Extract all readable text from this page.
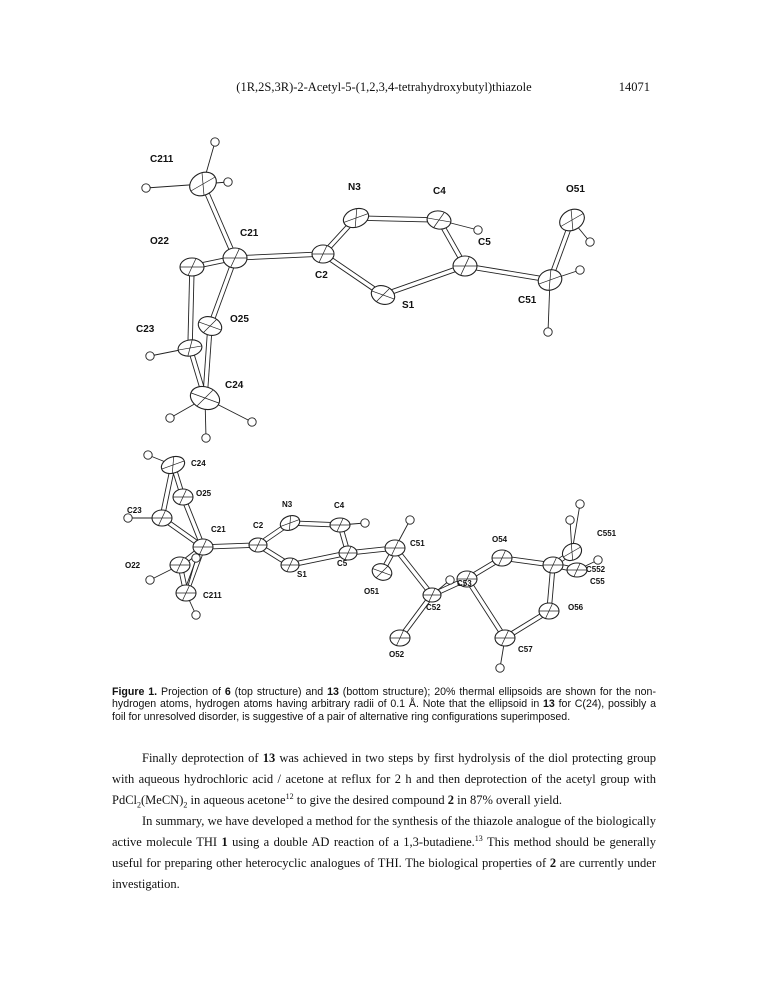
(1R,2S,3R)-2-Acetyl-5-(1,2,3,4-tetrahydroxybutyl)thiazole	14071
C211
N3	C4	O51
O22
C21
C5
C2
C51
S1
C23
O25
C24
C24
O25
C23
N3	C4
C2
C21
C51	O54
C551
O22	C5
S1
C552
C53	C55
C211	O51
C52	O56
C57
O52
Figure 1. Projection of 6 (top structure) and 13 (bottom structure); 20% thermal ellipsoids are shown for the non-hydrogen atoms, hydrogen atoms having arbitrary radii of 0.1 Å. Note that the ellipsoid in 13 for C(24), possibly a foil for unresolved disorder, is suggestive of a pair of alternative ring configurations superimposed.

Finally deprotection of 13 was achieved in two steps by first hydrolysis of the diol protecting group with aqueous hydrochloric acid / acetone at reflux for 2 h and then deprotection of the acetyl group with $PdCl_2(MeCN)_2$ in aqueous acetone$^{12}$ to give the desired compound 2 in 87% overall yield.

In summary, we have developed a method for the synthesis of the thiazole analogue of the biologically active molecule THI 1 using a double AD reaction of a 1,3-butadiene.$^{13}$ This method should be generally useful for preparing other heterocyclic analogues of THI. The biological properties of 2 are currently under investigation.
